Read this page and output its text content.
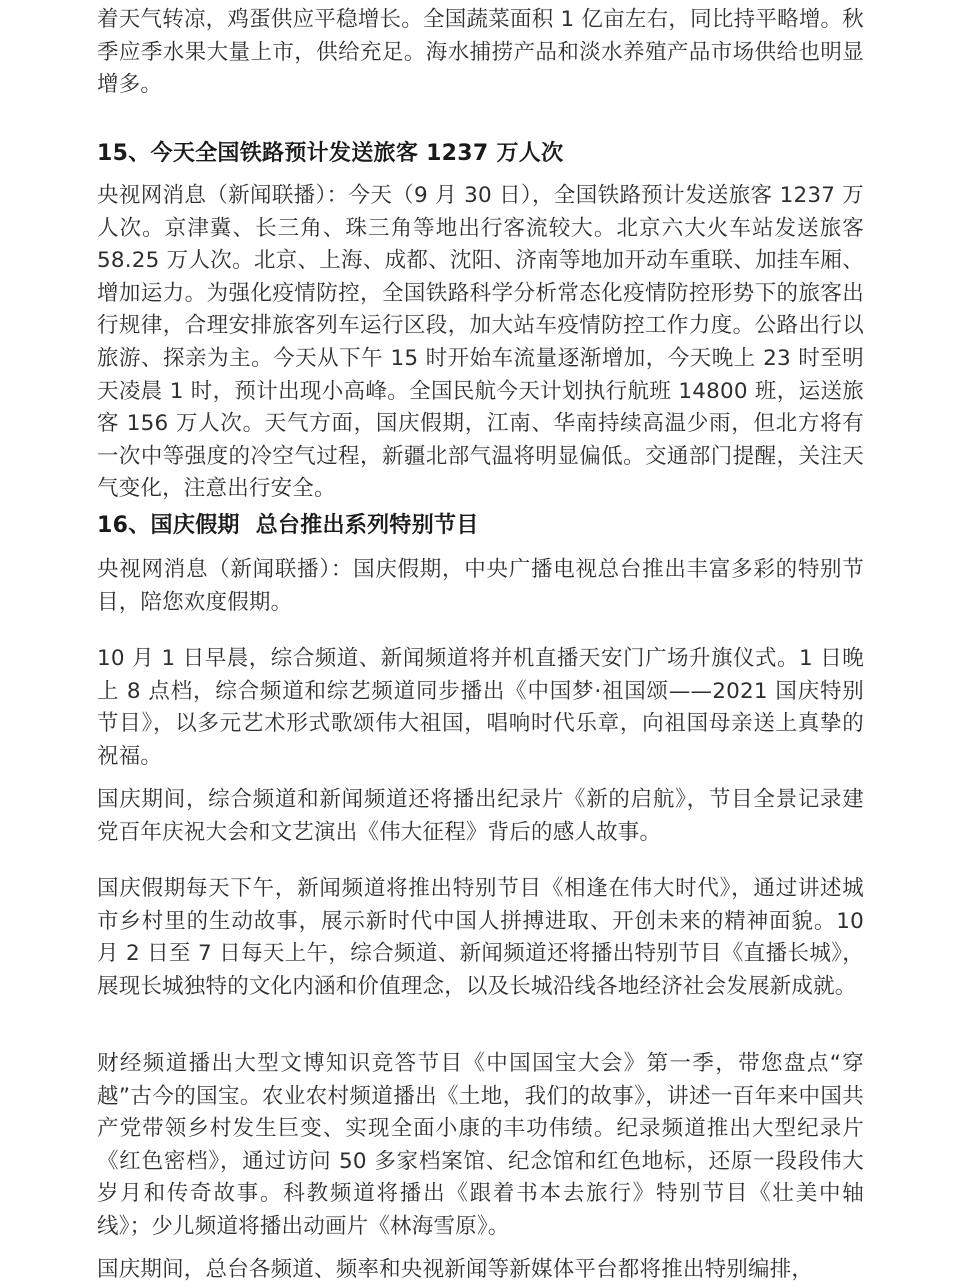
着天气转凉，鸡蛋供应平稳增长。全国蔬菜面积 1 亿亩左右，同比持平略增。秋季应季水果大量上市，供给充足。海水捕捞产品和淡水养殖产品市场供给也明显增多。

15、今天全国铁路预计发送旅客 1237 万人次

央视网消息（新闻联播）：今天（9 月 30 日），全国铁路预计发送旅客 1237 万人次。京津冀、长三角、珠三角等地出行客流较大。北京六大火车站发送旅客 58.25 万人次。北京、上海、成都、沈阳、济南等地加开动车重联、加挂车厢、增加运力。为强化疫情防控，全国铁路科学分析常态化疫情防控形势下的旅客出行规律，合理安排旅客列车运行区段，加大站车疫情防控工作力度。公路出行以旅游、探亲为主。今天从下午 15 时开始车流量逐渐增加，今天晚上 23 时至明天凌晨 1 时，预计出现小高峰。全国民航今天计划执行航班 14800 班，运送旅客 156 万人次。天气方面，国庆假期，江南、华南持续高温少雨，但北方将有一次中等强度的冷空气过程，新疆北部气温将明显偏低。交通部门提醒，关注天气变化，注意出行安全。

16、国庆假期  总台推出系列特别节目

央视网消息（新闻联播）：国庆假期，中央广播电视总台推出丰富多彩的特别节目，陪您欢度假期。

10 月 1 日早晨，综合频道、新闻频道将并机直播天安门广场升旗仪式。1 日晚上 8 点档，综合频道和综艺频道同步播出《中国梦·祖国颂——2021 国庆特别节目》，以多元艺术形式歌颂伟大祖国，唱响时代乐章，向祖国母亲送上真挚的祝福。

国庆期间，综合频道和新闻频道还将播出纪录片《新的启航》，节目全景记录建党百年庆祝大会和文艺演出《伟大征程》背后的感人故事。

国庆假期每天下午，新闻频道将推出特别节目《相逢在伟大时代》，通过讲述城市乡村里的生动故事，展示新时代中国人拼搏进取、开创未来的精神面貌。10 月 2 日至 7 日每天上午，综合频道、新闻频道还将播出特别节目《直播长城》，展现长城独特的文化内涵和价值理念，以及长城沿线各地经济社会发展新成就。

财经频道播出大型文博知识竞答节目《中国国宝大会》第一季，带您盘点“穿越”古今的国宝。农业农村频道播出《土地，我们的故事》，讲述一百年来中国共产党带领乡村发生巨变、实现全面小康的丰功伟绩。纪录频道推出大型纪录片《红色密档》，通过访问 50 多家档案馆、纪念馆和红色地标，还原一段段伟大岁月和传奇故事。科教频道将播出《跟着书本去旅行》特别节目《壮美中轴线》；少儿频道将播出动画片《林海雪原》。

国庆期间，总台各频道、频率和央视新闻等新媒体平台都将推出特别编排，
